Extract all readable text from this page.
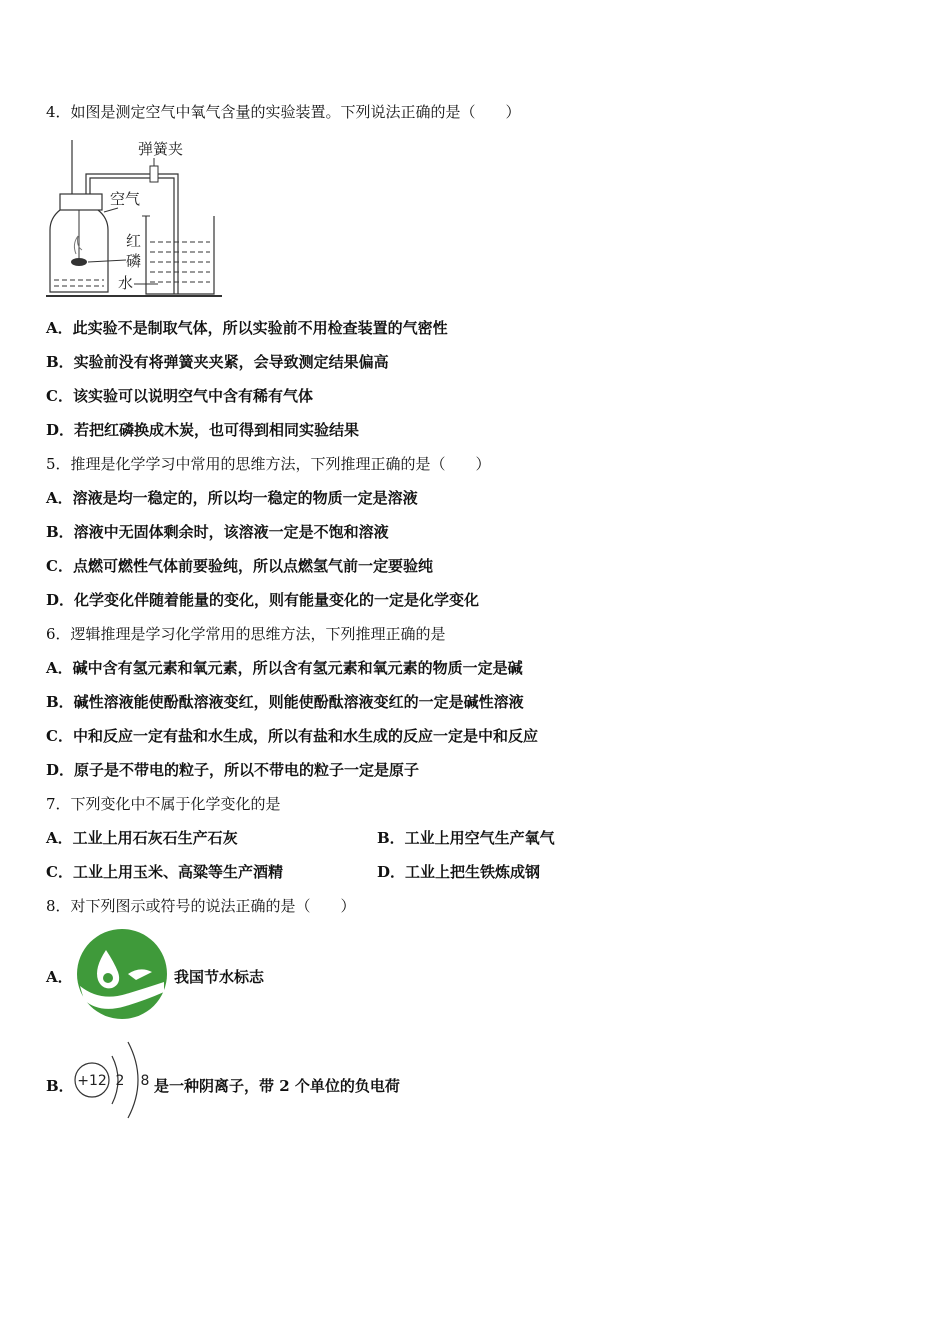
4．如图是测定空气中氧气含量的实验装置。下列说法正确的是（　　）
弹簧夹
空气
红
磷
水
A．此实验不是制取气体，所以实验前不用检查装置的气密性
B．实验前没有将弹簧夹夹紧，会导致测定结果偏高
C．该实验可以说明空气中含有稀有气体
D．若把红磷换成木炭，也可得到相同实验结果
5．推理是化学学习中常用的思维方法，下列推理正确的是（　　）
A．溶液是均一稳定的，所以均一稳定的物质一定是溶液
B．溶液中无固体剩余时，该溶液一定是不饱和溶液
C．点燃可燃性气体前要验纯，所以点燃氢气前一定要验纯
D．化学变化伴随着能量的变化，则有能量变化的一定是化学变化
6．逻辑推理是学习化学常用的思维方法，下列推理正确的是
A．碱中含有氢元素和氧元素，所以含有氢元素和氧元素的物质一定是碱
B．碱性溶液能使酚酞溶液变红，则能使酚酞溶液变红的一定是碱性溶液
C．中和反应一定有盐和水生成，所以有盐和水生成的反应一定是中和反应
D．原子是不带电的粒子，所以不带电的粒子一定是原子
7．下列变化中不属于化学变化的是
A．工业上用石灰石生产石灰	B．工业上用空气生产氧气
C．工业上用玉米、高粱等生产酒精	D．工业上把生铁炼成钢
8．对下列图示或符号的说法正确的是（　　）
A．	我国节水标志
B． +12 2 8 是一种阴离子，带 2 个单位的负电荷
